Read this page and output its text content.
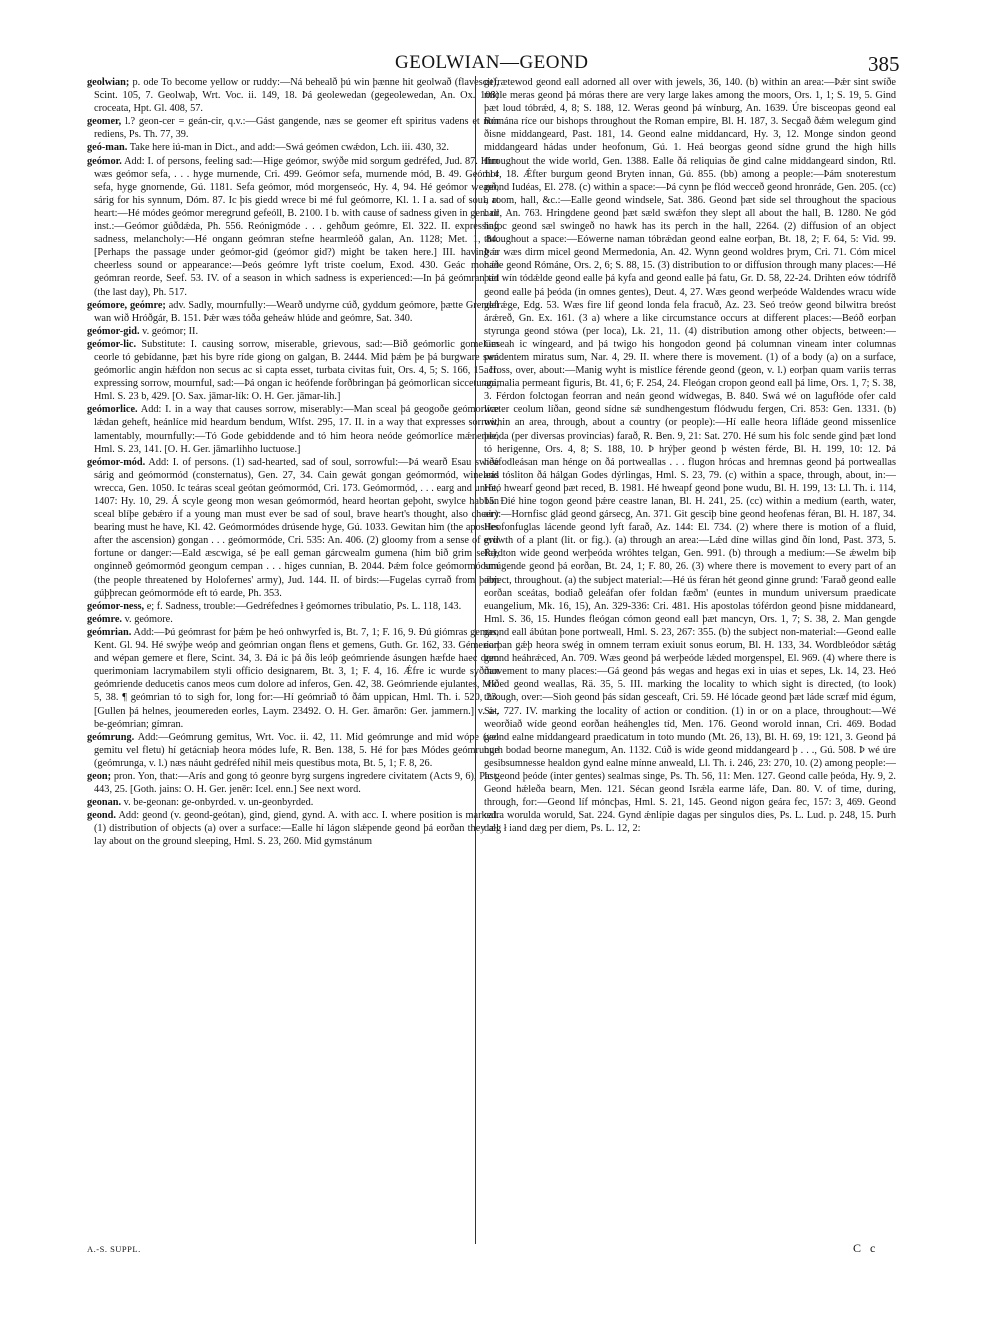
GEOLWIAN—GEOND	385

geolwian; p. ode To become yellow or ruddy:—Ná behealð þú win þænne hit geolwað (flavescit), Scint. 105, 7. Geolwaþ, Wrt. Voc. ii. 149, 18. Þá geolewedan (gegeolewedan, An. Ox. 108) croceata, Hpt. Gl. 408, 57.

geomer, l.? geon-cer = geán-cir, q.v.:—Gást gangende, næs se geomer eft spiritus vadens et non rediens, Ps. Th. 77, 39.

geó-man. Take here iú-man in Dict., and add:—Swá geómen cwǽdon, Lch. iii. 430, 32.

geómor. Add: I. of persons, feeling sad:—Hige geómor, swýðe mid sorgum gedréfed, Jud. 87. Him wæs geómor sefa, . . . hyge murnende, Cri. 499. Geómor sefa, murnende mód, B. 49. Geómor sefa, hyge gnornende, Gú. 1181. Sefa geómor, mód morgenseóc, Hy. 4, 94. Hé geómor wearð, sárig for his synnum, Dóm. 87. Ic þis giedd wrece bi mé ful geómorre, Kl. 1. I a. sad of soul, at heart:—Hé módes geómor meregrund gefeóll, B. 2100. I b. with cause of sadness given in gen. or inst.:—Geómor gúðdǽda, Ph. 556. Reónigmóde . . . gehðum geómre, El. 322. II. expressing sadness, melancholy:—Hé ongann geómran stefne hearmleóð galan, An. 1128; Met. 1, 84. [Perhaps the passage under geómor-gid (geómor gid?) might be taken here.] III. having a cheerless sound or appearance:—Þeós geómre lyft triste coelum, Exod. 430. Geác monað geómran reorde, Seef. 53. IV. of a season in which sadness is experienced:—In þá geómran tíd (the last day), Ph. 517.

geómore, geómre; adv. Sadly, mournfully:—Wearð undyrne cúð, gyddum geómore, þætte Grendel wan wið Hróðgár, B. 151. Þǽr wæs tóða geheáw hlúde and geómre, Sat. 340.

geómor-gid. v. geómor; II.

geómor-lic. Substitute: I. causing sorrow, miserable, grievous, sad:—Bið geómorlic gomelum ceorle tó gebídanne, þæt his byre ríde giong on galgan, B. 2444. Mid þǽm þe þá burgware swá geómorlic angin hǽfdon non secus ac si capta esset, turbata civitas fuit, Ors. 4, 5; S. 166, 15. II. expressing sorrow, mournful, sad:—Þá ongan ic heófende forðbringan þá geómorlican siccetunga, Hml. S. 23 b, 429. [O. Sax. jāmar-lík: O. H. Ger. jāmar-lih.]

geómorlice. Add: I. in a way that causes sorrow, miserably:—Man sceal þá geogoðe geómorlíce lǽdan geheft, heánlíce mid heardum bendum, Wlfst. 295, 17. II. in a way that expresses sorrow, lamentably, mournfully:—Tó Gode gebiddende and tó him heora neóde geómorlíce mǽnende, Hml. S. 23, 141. [O. H. Ger. jāmarlihho luctuose.]

geómor-mód. Add: I. of persons. (1) sad-hearted, sad of soul, sorrowful:—Þá wearð Esau swíðe sárig and geómormód (consternatus), Gen. 27, 34. Cain gewát gongan geómormód, wineleás wrecca, Gen. 1050. Ic teáras sceal geótan geómormód, Cri. 173. Geómormód, . . . earg and unrót, 1407: Hy. 10, 29. Á scyle geong mon wesan geómormód, heard heortan geþoht, swylce habban sceal blíþe gebǽro if a young man must ever be sad of soul, brave heart's thought, also cheery bearing must he have, Kl. 42. Geómormódes drúsende hyge, Gú. 1033. Gewitan him (the apostles after the ascension) gongan . . . geómormóde, Cri. 535: An. 406. (2) gloomy from a sense of evil fortune or danger:—Eald æscwiga, sé þe eall geman gárcwealm gumena (him bið grim sefa), onginneð geómormód geongum cempan . . . higes cunnian, B. 2044. Þǽm folce geómormódum (the people threatened by Holofernes' army), Jud. 144. II. of birds:—Fugelas cyrrað from þǽm gúþþrecan geómormóde eft tó earde, Ph. 353.

geómor-ness, e; f. Sadness, trouble:—Gedréfednes ł geómornes tribulatio, Ps. L. 118, 143.

geómre. v. geómore.

geómrian. Add:—Þú geómrast for þǽm þe heó onhwyrfed is, Bt. 7, 1; F. 16, 9. Ðú giómras gemas, Kent. Gl. 94. Hé swýþe weóp and geómrian ongan flens et gemens, Guth. Gr. 162, 33. Gémerian and wépan gemere et flere, Scint. 34, 3. Ðá ic þá ðis leóþ geómriende ásungen hæfde haec dum querimoniam lacrymabilem styli officio designarem, Bt. 3, 1; F. 4, 16. Ǽfre ic wurde syððan geómriende deducetis canos meos cum dolore ad inferos, Gen. 42, 38. Geómriende ejulantes, Mk. 5, 38. ¶ geómrian tó to sigh for, long for:—Hí geómriað tó ðám uppican, Hml. Th. i. 520, 23. [Gullen þá helnes, jeoumereden eorles, Laym. 23492. O. H. Ger. āmarōn: Ger. jammern.] v. á-, be-geómrian; gímran.

geómrung. Add:—Geómrung gemitus, Wrt. Voc. ii. 42, 11. Mid geómrunge and mid wópe (vel gemitu vel fletu) hí getácniaþ heora módes lufe, R. Ben. 138, 5. Hé for þæs Módes geómrunge (geómrunga, v. l.) næs náuht gedréfed nihil meis questibus mota, Bt. 5, 1; F. 8, 26.

geon; pron. Yon, that:—Arís and gong tó geonre byrg surgens ingredere civitatem (Acts 9, 6), Past. 443, 25. [Goth. jains: O. H. Ger. jenēr: Icel. enn.] See next word.

geonan. v. be-geonan: ge-onbyrded. v. un-geonbyrded.

geond. Add: geond (v. geond-geótan), gind, giend, gynd. A. with acc. I. where position is marked. (1) distribution of objects (a) over a surface:—Ealle hí lágon slǽpende geond þá eorðan they all lay about on the ground sleeping, Hml. S. 23, 260. Mid gymstánum

gefrætewod geond eall adorned all over with jewels, 36, 140. (b) within an area:—Þǽr sint swíðe micle meras geond þá móras there are very large lakes among the moors, Ors. 1, 1; S. 19, 5. Gind þæt loud tóbrǽd, 4, 8; S. 188, 12. Weras geond þá wínburg, An. 1639. Úre bisceopas geond eal Rómána ríce our bishops throughout the Roman empire, Bl. H. 187, 3. Secgað ðǽm welegum gind ðisne middangeard, Past. 181, 14. Geond ealne middancard, Hy. 3, 12. Monge sindon geond middangeard hádas under heofonum, Gú. 1. Heá beorgas geond sídne grund the high hills throughout the wide world, Gen. 1388. Ealle ðá reliquias ðe gind calne middangeard sindon, Rtl. 114, 18. Ǽfter burgum geond Bryten innan, Gú. 855. (bb) among a people:—Þám snoterestum geond Iudéas, El. 278. (c) within a space:—Þá cynn þe flód wecceð geond hronráde, Gen. 205. (cc) a room, hall, &c.:—Ealle geond windsele, Sat. 386. Geond þæt side sel throughout the spacious hall, An. 763. Hringdene geond þæt sæld swǽfon they slept all about the hall, B. 1280. Ne gód hafoc geond sæl swingeð no hawk has its perch in the hall, 2264. (2) diffusion of an object throughout a space:—Eówerne naman tóbrǽdan geond ealne eorþan, Bt. 18, 2; F. 64, 5: Vid. 99. Þǽr wæs dirm micel geond Mermedonia, An. 42. Wynn geond woldres þrym, Cri. 71. Cóm micel hǽte geond Rómáne, Ors. 2, 6; S. 88, 15. (3) distribution to or diffusion through many places:—Hé þæt wín tódǽlde geond ealle þá kyfa and geond ealle þá fatu, Gr. D. 58, 22-24. Drihten eów tódrífð geond ealle þá þeóda (in omnes gentes), Deut. 4, 27. Wæs geond werþeóde Waldendes wracu wíde gefrǽge, Edg. 53. Wæs fire lif geond londa fela fracuð, Az. 23. Seó treów geond bilwitra breóst árǽrеð, Gn. Ex. 161. (3 a) where a like circumstance occurs at different places:—Beóð eorþan styrunga geond stówa (per loca), Lk. 21, 11. (4) distribution among other objects, between:—Geseah ic wíngeard, and þá twigo his hongodon geond þá columnan vineam inter columnas pendentem miratus sum, Nar. 4, 29. II. where there is movement. (1) of a body (a) on a surface, across, over, about:—Manig wyht is mistlíce férende geond (geon, v. l.) eorþan quam variis terras animalia permeant figuris, Bt. 41, 6; F. 254, 24. Fleógan cropon geond eall þá lime, Ors. 1, 7; S. 38, 3. Férdon folctogan feorran and neán geond wídwegas, B. 840. Swá wé on lagufłóde ofer cald wæter ceolum líðan, geond sídne sǽ sundhengestum flódwudu fergen, Cri. 853: Gen. 1331. (b) within an area, through, about a country (or people):—Hí ealle heora lífláde geond missenlíce þeóda (per diversas provincias) farað, R. Ben. 9, 21: Sat. 270. Hé sum his folc sende gind þæt lond tó herigenne, Ors. 4, 8; S. 188, 10. Þ hrýþer geond þ wésten férde, Bl. H. 199, 10: 12. Þá heáfodleásan man hénge on ðá portweallas . . . flugon hrócas and hremnas geond þá portweallas and tósliton ðá hálgan Godes dýrlingas, Hml. S. 23, 79. (c) within a space, through, about, in:—Heó hwearf geond þæt reced, B. 1981. Hé hweарf geond þone wudu, Bl. H. 199, 13: Ll. Th. i. 114, 15. Ðié hine togon geond þǽre ceastre lanan, Bl. H. 241, 25. (cc) within a medium (earth, water, air):—Hornfisc glád geond gársecg, An. 371. Git gesciþ bine geond heofenas féran, Bl. H. 187, 34. Heofonfuglas lácende geond lyft farað, Az. 144: El. 734. (2) where there is motion of a fluid, growth of a plant (lit. or fig.). (a) through an area:—Lǽd díne willas gind ðín lond, Past. 373, 5. Rǽdton wide geond werþeóda wróhtes telgan, Gen. 991. (b) through a medium:—Se ǽwelm biþ smúgende geond þá eorðan, Bt. 24, 1; F. 80, 26. (3) where there is movement to every part of an object, throughout. (a) the subject material:—Hé ús féran hét geond ginne grund: 'Farað geond ealle eorðan sceátas, bodiað geleáfan ofer foldan fæðm' (euntes in mundum universum praedicate euangelium, Mk. 16, 15), An. 329-336: Cri. 481. His apostolas tóférdon geond þisne middaneard, Hml. S. 36, 15. Hundes fleógan cómon geond eall þæt mancyn, Ors. 1, 7; S. 38, 2. Man gengde geond eall ábútan þone portweall, Hml. S. 23, 267: 355. (b) the subject non-material:—Geond ealle eorþan gǽþ heora swég in omnem terram exiuit sonus eorum, Bl. H. 133, 34. Wordbleódor sǽtág geond heáhrǽced, An. 709. Wæs geond þá werþeóde lǽded morgenspel, El. 969. (4) where there is movement to many places:—Gá geond þás wegas and hegas exi in uias et sepes, Lk. 14, 23. Heó wíðed geond weallas, Rä. 35, 5. III. marking the locality to which sight is directed, (to look) through, over:—Sioh geond þás sídan gesceaft, Cri. 59. Hé lócade geond þæt láde scræf mid égum, Sat. 727. IV. marking the locality of action or condition. (1) in or on a place, throughout:—Wé weorðiað wíde geond eorðan heáhengles tíd, Men. 176. Geond worold innan, Cri. 469. Bodad geond ealne middangeard praedicatum in toto mundo (Mt. 26, 13), Bl. H. 69, 19: 121, 3. Geond þá burh bodad beorne manegum, An. 1132. Cúð is wíde geond middangeard þ . . ., Gú. 508. Þ wé úre gesibsumnesse healdon gynd ealne mínne anweald, Ll. Th. i. 246, 23: 270, 10. (2) among people:—Ic geond þeóde (inter gentes) sealmas singe, Ps. Th. 56, 11: Men. 127. Geond calle þeóda, Hy. 9, 2. Geond hǽleða bearn, Men. 121. Sécan geond Isrǽla earme láfe, Dan. 80. V. of time, during, through, for:—Geond líf móncþas, Hml. S. 21, 145. Geond nigon geára fec, 157: 3, 469. Geond calra woruldа woruld, Sat. 224. Gynd ǽnlípie dagas per singulos dies, Ps. L. Lud. p. 248, 15. Þurh dæg ł iand dæg per diem, Ps. L. 12, 2:

A.-S. SUPPL.	C c
